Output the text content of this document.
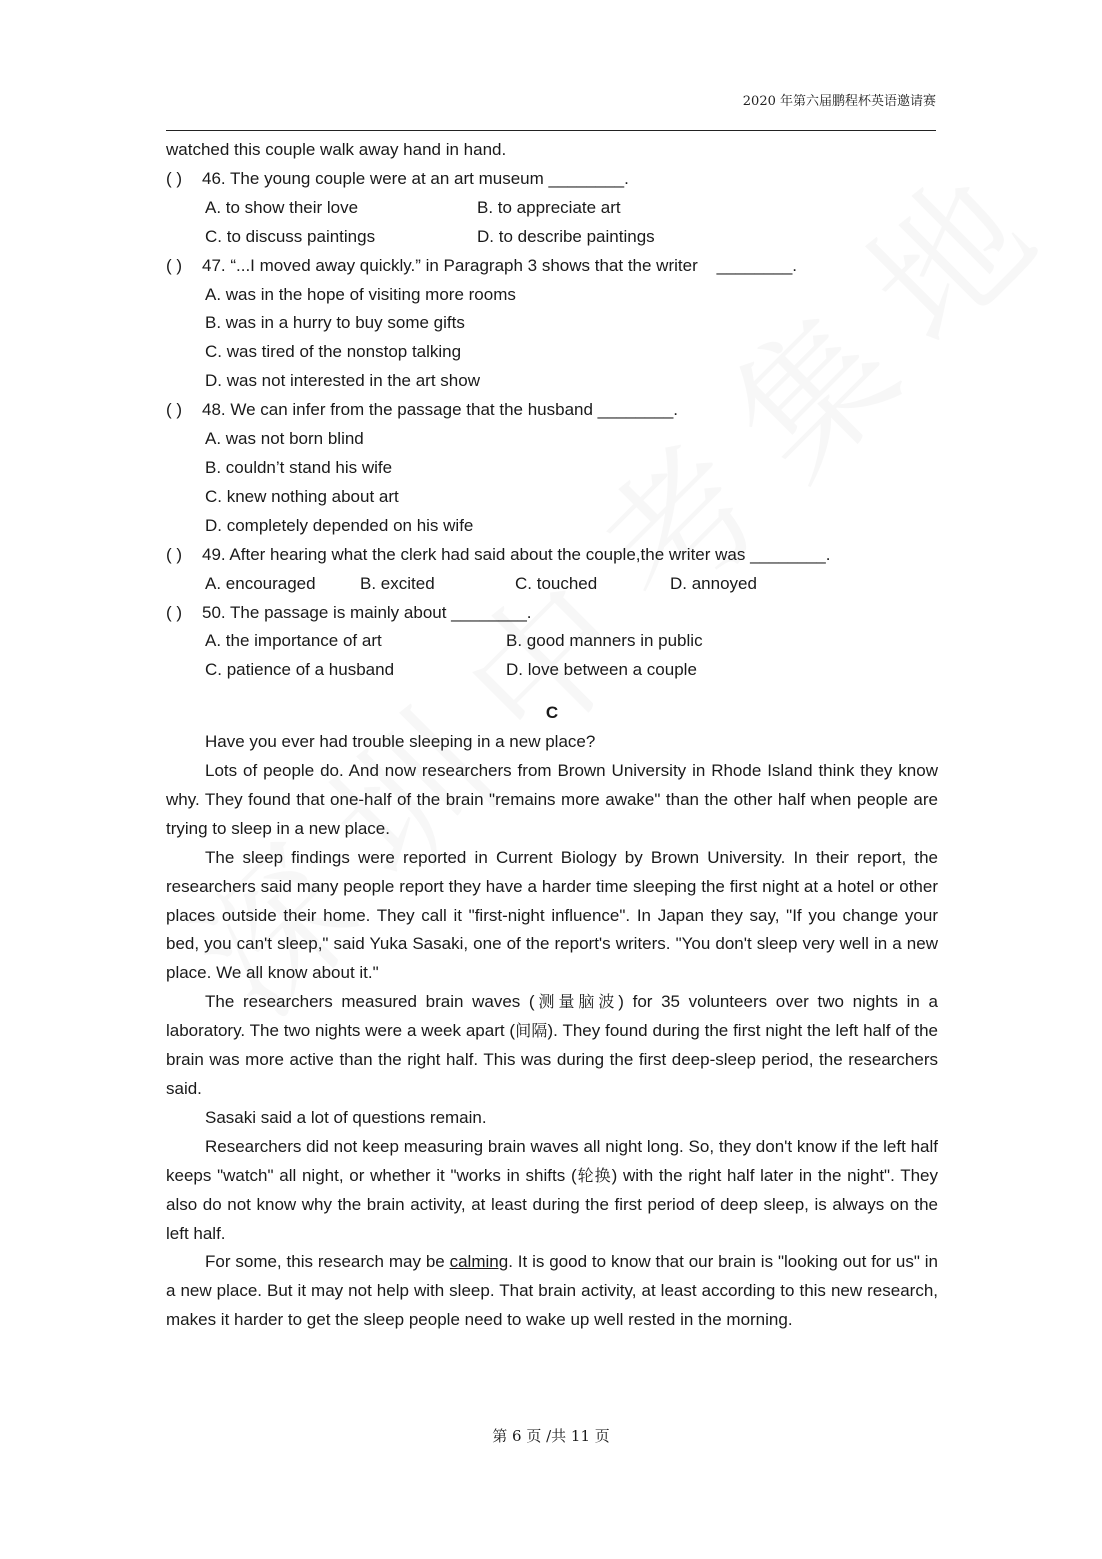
2020 年第六届鹏程杯英语邀请赛
watched this couple walk away hand in hand.
( )	46. The young couple were at an art museum ________.
A. to show their love	B. to appreciate art
C. to discuss paintings	D. to describe paintings
( )	47. “...I moved away quickly.” in Paragraph 3 shows that the writer    ________.
A. was in the hope of visiting more rooms
B. was in a hurry to buy some gifts
C. was tired of the nonstop talking
D. was not interested in the art show
( )	48. We can infer from the passage that the husband ________.
A. was not born blind
B. couldn’t stand his wife
C. knew nothing about art
D. completely depended on his wife
( )	49. After hearing what the clerk had said about the couple,the writer was ________.
A. encouraged	B. excited	C. touched	D. annoyed
( )	50. The passage is mainly about ________.
A. the importance of art	B. good manners in public
C. patience of a husband	D. love between a couple
C

Have you ever had trouble sleeping in a new place?

Lots of people do. And now researchers from Brown University in Rhode Island think they know why. They found that one-half of the brain "remains more awake" than the other half when people are trying to sleep in a new place.

The sleep findings were reported in Current Biology by Brown University. In their report, the researchers said many people report they have a harder time sleeping the first night at a hotel or other places outside their home. They call it "first-night influence". In Japan they say, "If you change your bed, you can't sleep," said Yuka Sasaki, one of the report's writers. "You don't sleep very well in a new place. We all know about it."

The researchers measured brain waves (测量脑波) for 35 volunteers over two nights in a laboratory. The two nights were a week apart (间隔). They found during the first night the left half of the brain was more active than the right half. This was during the first deep-sleep period, the researchers said.

Sasaki said a lot of questions remain.

Researchers did not keep measuring brain waves all night long. So, they don't know if the left half keeps "watch" all night, or whether it "works in shifts (轮换) with the right half later in the night". They also do not know why the brain activity, at least during the first period of deep sleep, is always on the left half.

For some, this research may be calming. It is good to know that our brain is "looking out for us" in a new place. But it may not help with sleep. That brain activity, at least according to this new research, makes it harder to get the sleep people need to wake up well rested in the morning.

第 6 页 /共 11 页
